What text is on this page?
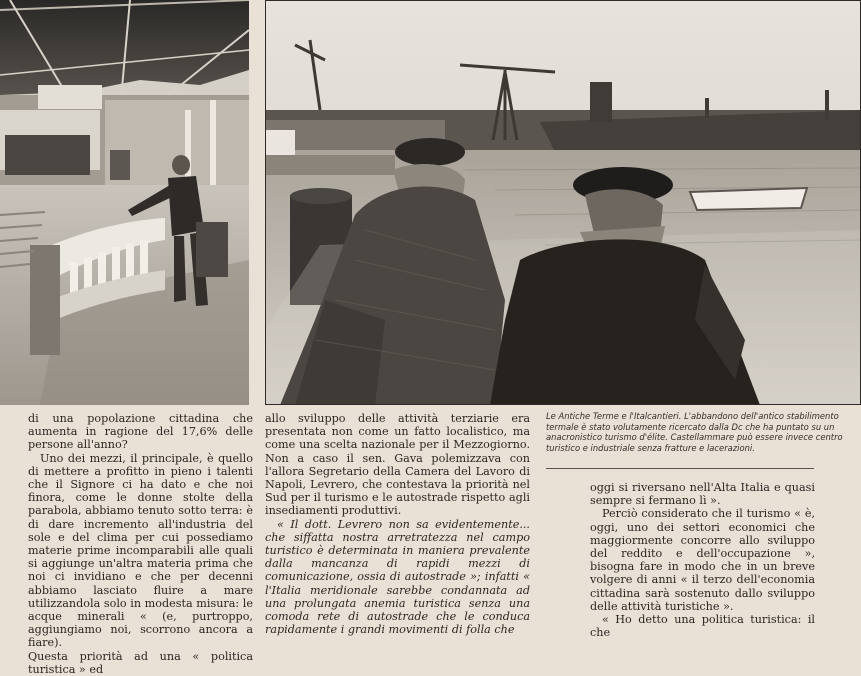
di una popolazione cittadina che aumenta in ragione del 17,6% delle persone all'anno?

Uno dei mezzi, il principale, è quello di mettere a profitto in pieno i talenti che il Signore ci ha dato e che noi finora, come le donne stolte della parabola, abbiamo tenuto sotto terra: è di dare incremento all'industria del sole e del clima per cui possediamo materie prime incomparabili alle quali si aggiunge un'altra materia prima che noi ci invidiano e che per decenni abbiamo lasciato fluire a mare utilizzandola solo in modesta misura: le acque minerali « (e, purtroppo, aggiungiamo noi, scorrono ancora a fiare).

Questa priorità ad una « politica turistica » ed

allo sviluppo delle attività terziarie era presentata non come un fatto localistico, ma come una scelta nazionale per il Mezzogiorno. Non a caso il sen. Gava polemizzava con l'allora Segretario della Camera del Lavoro di Napoli, Levrero, che contestava la priorità nel Sud per il turismo e le autostrade rispetto agli insediamenti produttivi.

« Il dott. Levrero non sa evidentemente... che siffatta nostra arretratezza nel campo turistico è determinata in maniera prevalente dalla mancanza di rapidi mezzi di comunicazione, ossia di autostrade »; infatti « l'Italia meridionale sarebbe condannata ad una prolungata anemia turistica senza una comoda rete di autostrade che le conduca rapidamente i grandi movimenti di folla che

Le Antiche Terme e l'Italcantieri. L'abbandono dell'antico stabilimento termale è stato volutamente ricercato dalla Dc che ha puntato su un anacronistico turismo d'élite. Castellammare può essere invece centro turistico e industriale senza fratture e lacerazioni.

oggi si riversano nell'Alta Italia e quasi sempre si fermano lì ».

Perciò considerato che il turismo « è, oggi, uno dei settori economici che maggiormente concorre allo sviluppo del reddito e dell'occupazione », bisogna fare in modo che in un breve volgere di anni « il terzo dell'economia cittadina sarà sostenuto dallo sviluppo delle attività turistiche ».

« Ho detto una politica turistica: il che
